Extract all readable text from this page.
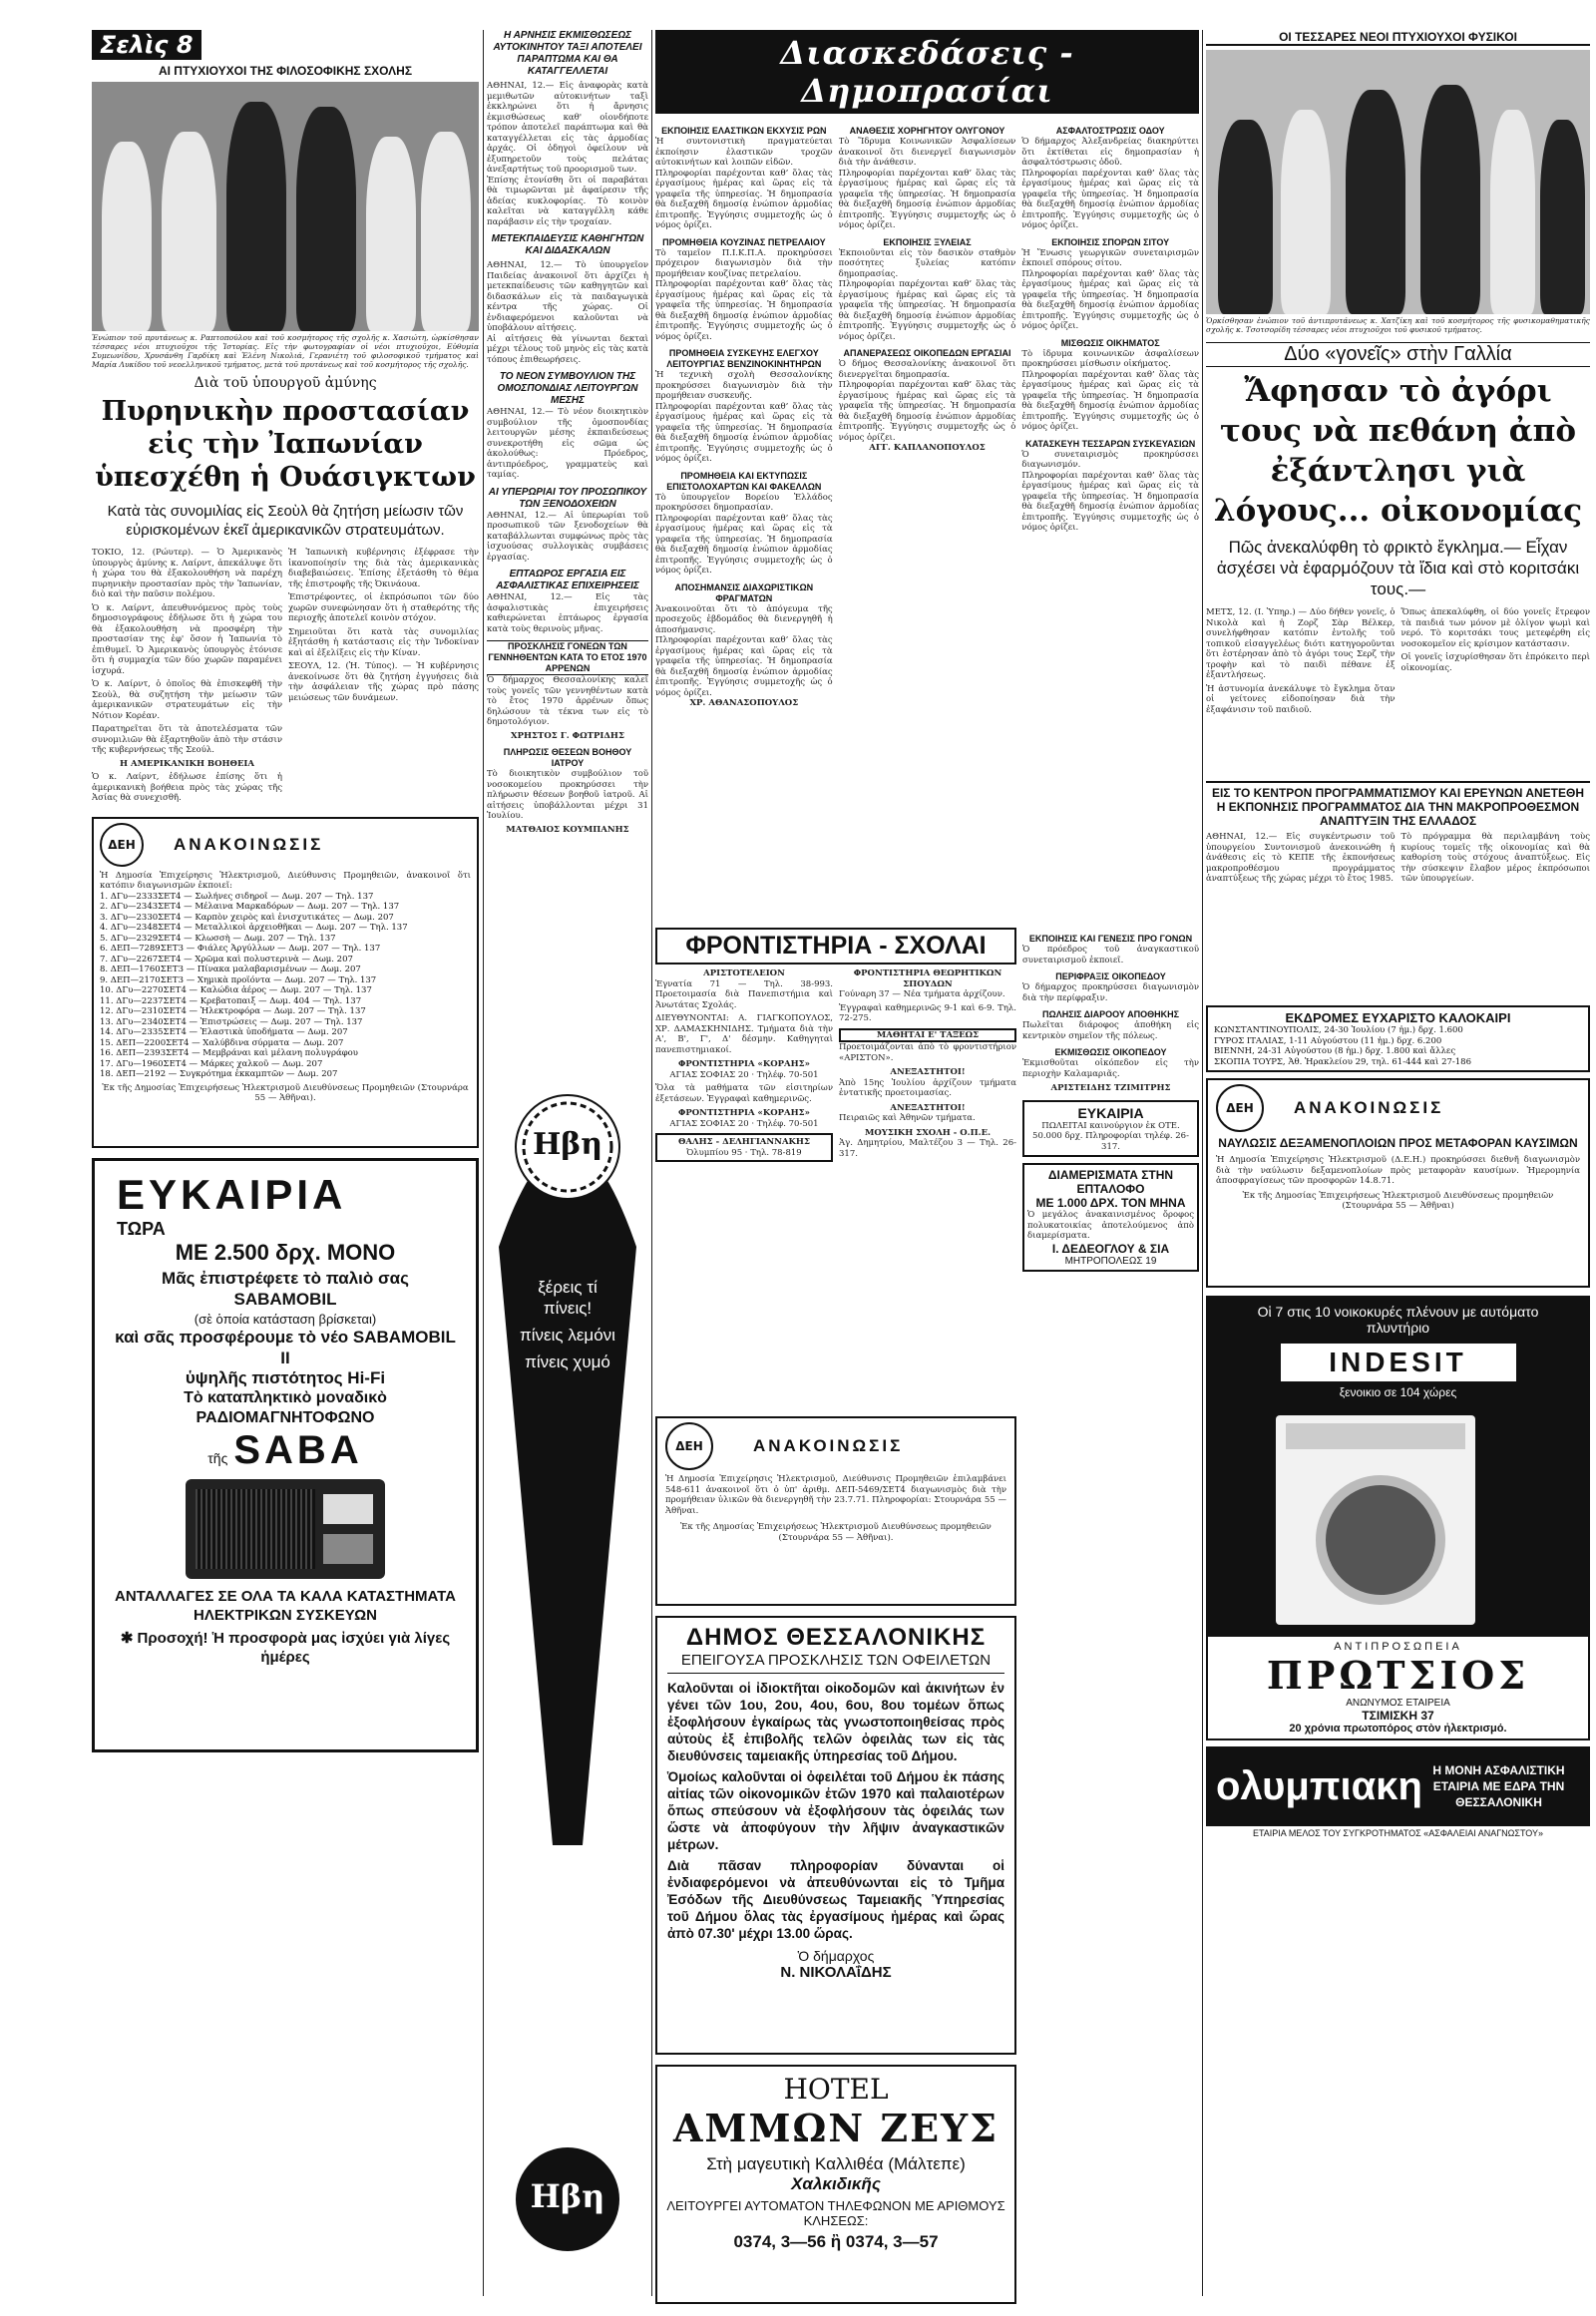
Σελὶς 8
ΑΙ ΠΤΥΧΙΟΥΧΟΙ ΤΗΣ ΦΙΛΟΣΟΦΙΚΗΣ ΣΧΟΛΗΣ
Ἐνώπιον τοῦ πρυτάνεως κ. Ραπτοπούλου καὶ τοῦ κοσμήτορος τῆς σχολῆς κ. Χασιώτη, ὡρκίσθησαν τέσσαρες νέοι πτυχιοῦχοι τῆς Ἱστορίας. Εἰς τὴν φωτογραφίαν οἱ νέοι πτυχιοῦχοι, Εὐθυμία Συμεωνίδου, Χρυσάνθη Γαρδίκη καὶ Ἑλένη Νικολιά, Γερανιέτη τοῦ φιλοσοφικοῦ τμήματος καὶ Μαρία Λυκίδου τοῦ νεοελληνικοῦ τμήματος, μετὰ τοῦ πρυτάνεως καὶ τοῦ κοσμήτορος τῆς σχολῆς.
Διὰ τοῦ ὑπουργοῦ ἀμύνης
Πυρηνικὴν προστασίαν εἰς τὴν Ἰαπωνίαν ὑπεσχέθη ἡ Ουάσιγκτων
Κατὰ τὰς συνομιλίας εἰς Σεοὺλ θὰ ζητήση μείωσιν τῶν εὐρισκομένων ἐκεῖ ἀμερικανικῶν στρατευμάτων.

ΤΟΚΙΟ, 12. (Ρώυτερ). — Ὁ Ἀμερικανὸς ὑπουργὸς ἀμύνης κ. Λαίρντ, ἀπεκάλυψε ὅτι ἡ χώρα του θὰ ἐξακολουθήση νὰ παρέχη πυρηνικὴν προστασίαν πρὸς τὴν Ἰαπωνίαν, διὸ καὶ τὴν παῦσιν πολέμου.

Ὁ κ. Λαίρντ, ἀπευθυνόμενος πρὸς τοὺς δημοσιογράφους ἐδήλωσε ὅτι ἡ χώρα του θὰ ἐξακολουθήση νὰ προσφέρη τὴν προστασίαν της ἐφ' ὅσον ἡ Ἰαπωνία τὸ ἐπιθυμεῖ. Ὁ Ἀμερικανὸς ὑπουργὸς ἐτόνισε ὅτι ἡ συμμαχία τῶν δύο χωρῶν παραμένει ἰσχυρά.

Ὁ κ. Λαίρντ, ὁ ὁποῖος θὰ ἐπισκεφθῆ τὴν Σεοὺλ, θὰ συζητήση τὴν μείωσιν τῶν ἀμερικανικῶν στρατευμάτων εἰς τὴν Νότιον Κορέαν.

Παρατηρεῖται ὅτι τὰ ἀποτελέσματα τῶν συνομιλιῶν θὰ ἐξαρτηθοῦν ἀπὸ τὴν στάσιν τῆς κυβερνήσεως τῆς Σεούλ.

Η ΑΜΕΡΙΚΑΝΙΚΗ ΒΟΗΘΕΙΑ

Ὁ κ. Λαίρντ, ἐδήλωσε ἐπίσης ὅτι ἡ ἀμερικανικὴ βοήθεια πρὸς τὰς χώρας τῆς Ἀσίας θὰ συνεχισθῆ.

Ἡ Ἰαπωνικὴ κυβέρνησις ἐξέφρασε τὴν ἱκανοποίησίν της διὰ τὰς ἀμερικανικὰς διαβεβαιώσεις. Ἐπίσης ἐξετάσθη τὸ θέμα τῆς ἐπιστροφῆς τῆς Ὀκινάουα.

Ἐπιστρέφοντες, οἱ ἐκπρόσωποι τῶν δύο χωρῶν συνεφώνησαν ὅτι ἡ σταθερότης τῆς περιοχῆς ἀποτελεῖ κοινὸν στόχον.

Σημειοῦται ὅτι κατὰ τὰς συνομιλίας ἐξητάσθη ἡ κατάστασις εἰς τὴν Ἰνδοκίναν καὶ αἱ ἐξελίξεις εἰς τὴν Κίναν.

ΣΕΟΥΛ, 12. (Ἡ. Τύπος). — Ἡ κυβέρνησις ἀνεκοίνωσε ὅτι θὰ ζητήση ἐγγυήσεις διὰ τὴν ἀσφάλειαν τῆς χώρας πρὸ πάσης μειώσεως τῶν δυνάμεων.

ΔΕΗ	ΑΝΑΚΟΙΝΩΣΙΣ
Ἡ Δημοσία Ἐπιχείρησις Ἡλεκτρισμοῦ, Διεύθυνσις Προμηθειῶν, ἀνακοινοῖ ὅτι κατόπιν διαγωνισμῶν ἐκποιεῖ:
1. ΔΓυ—2333ΣΕΤ4 — Σωλήνες σιδηροῖ — Δωμ. 207 — Τηλ. 137
2. ΔΓυ—2343ΣΕΤ4 — Μέλαινα Μαρκαδόρων — Δωμ. 207 — Τηλ. 137
3. ΔΓυ—2330ΣΕΤ4 — Καρπὸν χειρὸς καὶ ἐνισχυτικάτες — Δωμ. 207
4. ΔΓυ—2348ΣΕΤ4 — Μεταλλικοὶ ἀρχειοθῆκαι — Δωμ. 207 — Τηλ. 137
5. ΔΓυ—2329ΣΕΤ4 — Κλωσσὴ — Δωμ. 207 — Τηλ. 137
6. ΔΕΠ—7289ΣΕΤ3 — Φιάλες Ἀργύλλων — Δωμ. 207 — Τηλ. 137
7. ΔΓυ—2267ΣΕΤ4 — Χρῶμα καὶ πολυστερινὰ — Δωμ. 207
8. ΔΕΠ—1760ΣΕΤ3 — Πίνακα μαλαβαρισμένων — Δωμ. 207
9. ΔΕΠ—2170ΣΕΤ3 — Χημικὰ προϊόντα — Δωμ. 207 — Τηλ. 137
10. ΔΓυ—2270ΣΕΤ4 — Καλώδια ἀέρος — Δωμ. 207 — Τηλ. 137
11. ΔΓυ—2237ΣΕΤ4 — Κρεβατοπαιξ — Δωμ. 404 — Τηλ. 137
12. ΔΓυ—2310ΣΕΤ4 — Ἠλεκτροφόρα — Δωμ. 207 — Τηλ. 137
13. ΔΓυ—2340ΣΕΤ4 — Ἐπιστρώσεις — Δωμ. 207 — Τηλ. 137
14. ΔΓυ—2335ΣΕΤ4 — Ἐλαστικὰ ὑποδήματα — Δωμ. 207
15. ΔΕΠ—2200ΣΕΤ4 — Χαλύβδινα σύρματα — Δωμ. 207
16. ΔΕΠ—2393ΣΕΤ4 — Μεμβράναι καὶ μέλανη πολυγράφου
17. ΔΓυ—1960ΣΕΤ4 — Μάρκες χαλκοῦ — Δωμ. 207
18. ΔΕΠ—2192 — Συγκρότημα ἐκκαμπτῶν — Δωμ. 207
Ἐκ τῆς Δημοσίας Ἐπιχειρήσεως Ἡλεκτρισμοῦ Διευθύνσεως Προμηθειῶν (Στουρνάρα 55 — Ἀθῆναι).
ΕΥΚΑΙΡΙΑ
ΤΩΡΑ
ΜΕ 2.500 δρχ. ΜΟΝΟ
Μᾶς ἐπιστρέφετε τὸ παλιὸ σας SABAMOBIL
(σὲ ὁποία κατάσταση βρίσκεται)
καὶ σᾶς προσφέρουμε τὸ νέο SABAMOBIL II
ὑψηλῆς πιστότητος Hi-Fi
Τὸ καταπληκτικὸ μοναδικὸ ΡΑΔΙΟΜΑΓΝΗΤΟΦΩΝΟ
τῆς SABA
ΑΝΤΑΛΛΑΓΕΣ ΣΕ ΟΛΑ ΤΑ ΚΑΛΑ ΚΑΤΑΣΤΗΜΑΤΑ ΗΛΕΚΤΡΙΚΩΝ ΣΥΣΚΕΥΩΝ
✱ Προσοχή! Ἡ προσφορὰ μας ἰσχύει γιὰ λίγες ἡμέρες
Η ΑΡΝΗΣΙΣ ΕΚΜΙΣΘΩΣΕΩΣ ΑΥΤΟΚΙΝΗΤΟΥ ΤΑΞΙ ΑΠΟΤΕΛΕΙ ΠΑΡΑΠΤΩΜΑ ΚΑΙ ΘΑ ΚΑΤΑΓΓΕΛΛΕΤΑΙ
ΑΘΗΝΑΙ, 12.— Εἰς ἀναφορὰς κατὰ μεμιθωτῶν αὐτοκινήτων ταξὶ ἐκκληρώνει ὅτι ἡ ἄρνησις ἐκμισθώσεως καθ' οἱονδήποτε τρόπον ἀποτελεῖ παράπτωμα καὶ θὰ καταγγέλλεται εἰς τὰς ἀρμοδίας ἀρχάς. Οἱ ὁδηγοὶ ὀφείλουν νὰ ἐξυπηρετοῦν τοὺς πελάτας ἀνεξαρτήτως τοῦ προορισμοῦ των.

Ἐπίσης ἐτονίσθη ὅτι οἱ παραβάται θὰ τιμωρῶνται μὲ ἀφαίρεσιν τῆς ἀδείας κυκλοφορίας. Τὸ κοινὸν καλεῖται νὰ καταγγέλλη κάθε παράβασιν εἰς τὴν τροχαίαν.

ΜΕΤΕΚΠΑΙΔΕΥΣΙΣ ΚΑΘΗΓΗΤΩΝ ΚΑΙ ΔΙΔΑΣΚΑΛΩΝ
ΑΘΗΝΑΙ, 12.— Τὸ ὑπουργεῖον Παιδείας ἀνακοινοῖ ὅτι ἀρχίζει ἡ μετεκπαίδευσις τῶν καθηγητῶν καὶ διδασκάλων εἰς τὰ παιδαγωγικὰ κέντρα τῆς χώρας. Οἱ ἐνδιαφερόμενοι καλοῦνται νὰ ὑποβάλουν αἰτήσεις.

Αἱ αἰτήσεις θὰ γίνωνται δεκταὶ μέχρι τέλους τοῦ μηνὸς εἰς τὰς κατὰ τόπους ἐπιθεωρήσεις.

ΤΟ ΝΕΟΝ ΣΥΜΒΟΥΛΙΟΝ ΤΗΣ ΟΜΟΣΠΟΝΔΙΑΣ ΛΕΙΤΟΥΡΓΩΝ ΜΕΣΗΣ

ΑΘΗΝΑΙ, 12.— Τὸ νέον διοικητικὸν συμβούλιον τῆς ὁμοσπονδίας λειτουργῶν μέσης ἐκπαιδεύσεως συνεκροτήθη εἰς σῶμα ὡς ἀκολούθως: Πρόεδρος, ἀντιπρόεδρος, γραμματεὺς καὶ ταμίας.

ΑΙ ΥΠΕΡΩΡΙΑΙ ΤΟΥ ΠΡΟΣΩΠΙΚΟΥ ΤΩΝ ΞΕΝΟΔΟΧΕΙΩΝ

ΑΘΗΝΑΙ, 12.— Αἱ ὑπερωρίαι τοῦ προσωπικοῦ τῶν ξενοδοχείων θὰ καταβάλλωνται συμφώνως πρὸς τὰς ἰσχυούσας συλλογικὰς συμβάσεις ἐργασίας.

ΕΠΤΑΩΡΟΣ ΕΡΓΑΣΙΑ ΕΙΣ ΑΣΦΑΛΙΣΤΙΚΑΣ ΕΠΙΧΕΙΡΗΣΕΙΣ

ΑΘΗΝΑΙ, 12.— Εἰς τὰς ἀσφαλιστικὰς ἐπιχειρήσεις καθιερώνεται ἑπτάωρος ἐργασία κατὰ τοὺς θερινοὺς μῆνας.

ΠΡΟΣΚΛΗΣΙΣ ΓΟΝΕΩΝ ΤΩΝ ΓΕΝΝΗΘΕΝΤΩΝ ΚΑΤΑ ΤΟ ΕΤΟΣ 1970 ΑΡΡΕΝΩΝ

Ὁ δήμαρχος Θεσσαλονίκης καλεῖ τοὺς γονεῖς τῶν γεννηθέντων κατὰ τὸ ἔτος 1970 ἀρρένων ὅπως δηλώσουν τὰ τέκνα των εἰς τὸ δημοτολόγιον.

ΧΡΗΣΤΟΣ Γ. ΦΩΤΡΙΔΗΣ
ΠΛΗΡΩΣΙΣ ΘΕΣΕΩΝ ΒΟΗΘΟΥ ΙΑΤΡΟΥ

Τὸ διοικητικὸν συμβούλιον τοῦ νοσοκομείου προκηρύσσει τὴν πλήρωσιν θέσεων βοηθοῦ ἰατροῦ. Αἱ αἰτήσεις ὑποβάλλονται μέχρι 31 Ἰουλίου.

ΜΑΤΘΑΙΟΣ ΚΟΥΜΠΑΝΗΣ
Ηβη
ξέρεις τί πίνεις!
πίνεις λεμόνι
πίνεις χυμό
Ηβη
Διασκεδάσεις - Δημοπρασίαι
ΕΚΠΟΙΗΣΙΣ ΕΛΑΣΤΙΚΩΝ ΕΚΧΥΣΙΣ ΡΩΝ
Ἡ συντονιστικὴ πραγματεύεται ἐκποίησιν ἐλαστικῶν τροχῶν αὐτοκινήτων καὶ λοιπῶν εἰδῶν.
Πληροφορίαι παρέχονται καθ’ ὅλας τὰς ἐργασίμους ἡμέρας καὶ ὥρας εἰς τὰ γραφεῖα τῆς ὑπηρεσίας. Ἡ δημοπρασία θὰ διεξαχθῆ δημοσίᾳ ἐνώπιον ἁρμοδίας ἐπιτροπῆς. Ἐγγύησις συμμετοχῆς ὡς ὁ νόμος ὁρίζει.
ΠΡΟΜΗΘΕΙΑ ΚΟΥΖΙΝΑΣ ΠΕΤΡΕΛΑΙΟΥ
Τὸ ταμεῖον Π.Ι.Κ.Π.Α. προκηρύσσει πρόχειρον διαγωνισμὸν διὰ τὴν προμήθειαν κουζίνας πετρελαίου.
Πληροφορίαι παρέχονται καθ’ ὅλας τὰς ἐργασίμους ἡμέρας καὶ ὥρας εἰς τὰ γραφεῖα τῆς ὑπηρεσίας. Ἡ δημοπρασία θὰ διεξαχθῆ δημοσίᾳ ἐνώπιον ἁρμοδίας ἐπιτροπῆς. Ἐγγύησις συμμετοχῆς ὡς ὁ νόμος ὁρίζει.
ΠΡΟΜΗΘΕΙΑ ΣΥΣΚΕΥΗΣ ΕΛΕΓΧΟΥ ΛΕΙΤΟΥΡΓΙΑΣ ΒΕΝΖΙΝΟΚΙΝΗΤΗΡΩΝ
Ἡ τεχνικὴ σχολὴ Θεσσαλονίκης προκηρύσσει διαγωνισμὸν διὰ τὴν προμήθειαν συσκευῆς.
Πληροφορίαι παρέχονται καθ’ ὅλας τὰς ἐργασίμους ἡμέρας καὶ ὥρας εἰς τὰ γραφεῖα τῆς ὑπηρεσίας. Ἡ δημοπρασία θὰ διεξαχθῆ δημοσίᾳ ἐνώπιον ἁρμοδίας ἐπιτροπῆς. Ἐγγύησις συμμετοχῆς ὡς ὁ νόμος ὁρίζει.
ΠΡΟΜΗΘΕΙΑ ΚΑΙ ΕΚΤΥΠΩΣΙΣ ΕΠΙΣΤΟΛΟΧΑΡΤΩΝ ΚΑΙ ΦΑΚΕΛΛΩΝ
Τὸ ὑπουργεῖον Βορείου Ἑλλάδος προκηρύσσει δημοπρασίαν.
Πληροφορίαι παρέχονται καθ’ ὅλας τὰς ἐργασίμους ἡμέρας καὶ ὥρας εἰς τὰ γραφεῖα τῆς ὑπηρεσίας. Ἡ δημοπρασία θὰ διεξαχθῆ δημοσίᾳ ἐνώπιον ἁρμοδίας ἐπιτροπῆς. Ἐγγύησις συμμετοχῆς ὡς ὁ νόμος ὁρίζει.
ΑΠΟΣΗΜΑΝΣΙΣ ΔΙΑΧΩΡΙΣΤΙΚΩΝ ΦΡΑΓΜΑΤΩΝ
Ἀνακοινοῦται ὅτι τὸ ἀπόγευμα τῆς προσεχοῦς ἐβδομάδος θὰ διενεργηθῆ ἡ ἀποσήμανσις.
Πληροφορίαι παρέχονται καθ’ ὅλας τὰς ἐργασίμους ἡμέρας καὶ ὥρας εἰς τὰ γραφεῖα τῆς ὑπηρεσίας. Ἡ δημοπρασία θὰ διεξαχθῆ δημοσίᾳ ἐνώπιον ἁρμοδίας ἐπιτροπῆς. Ἐγγύησις συμμετοχῆς ὡς ὁ νόμος ὁρίζει.
ΧΡ. ΑΘΑΝΑΣΟΠΟΥΛΟΣ
ΑΝΑΘΕΣΙΣ ΧΟΡΗΓΗΤΟΥ ΟΛΥΓΟΝΟΥ
Τὸ Ἵδρυμα Κοινωνικῶν Ἀσφαλίσεων ἀνακοινοῖ ὅτι διενεργεῖ διαγωνισμὸν διὰ τὴν ἀνάθεσιν.
Πληροφορίαι παρέχονται καθ’ ὅλας τὰς ἐργασίμους ἡμέρας καὶ ὥρας εἰς τὰ γραφεῖα τῆς ὑπηρεσίας. Ἡ δημοπρασία θὰ διεξαχθῆ δημοσίᾳ ἐνώπιον ἁρμοδίας ἐπιτροπῆς. Ἐγγύησις συμμετοχῆς ὡς ὁ νόμος ὁρίζει.
ΕΚΠΟΙΗΣΙΣ ΞΥΛΕΙΑΣ
Ἐκποιοῦνται εἰς τὸν δασικὸν σταθμὸν ποσότητες ξυλείας κατόπιν δημοπρασίας.
Πληροφορίαι παρέχονται καθ’ ὅλας τὰς ἐργασίμους ἡμέρας καὶ ὥρας εἰς τὰ γραφεῖα τῆς ὑπηρεσίας. Ἡ δημοπρασία θὰ διεξαχθῆ δημοσίᾳ ἐνώπιον ἁρμοδίας ἐπιτροπῆς. Ἐγγύησις συμμετοχῆς ὡς ὁ νόμος ὁρίζει.
ΑΠΑΝΕΡΑΣΕΩΣ ΟΙΚΟΠΕΔΩΝ ΕΡΓΑΣΙΑΙ
Ὁ δήμος Θεσσαλονίκης ἀνακοινοῖ ὅτι διενεργεῖται δημοπρασία.
Πληροφορίαι παρέχονται καθ’ ὅλας τὰς ἐργασίμους ἡμέρας καὶ ὥρας εἰς τὰ γραφεῖα τῆς ὑπηρεσίας. Ἡ δημοπρασία θὰ διεξαχθῆ δημοσίᾳ ἐνώπιον ἁρμοδίας ἐπιτροπῆς. Ἐγγύησις συμμετοχῆς ὡς ὁ νόμος ὁρίζει.
ΑΓΓ. ΚΑΠΛΑΝΟΠΟΥΛΟΣ
ΑΣΦΑΛΤΟΣΤΡΩΣΙΣ ΟΔΟΥ
Ὁ δήμαρχος Ἀλεξανδρείας διακηρύττει ὅτι ἐκτίθεται εἰς δημοπρασίαν ἡ ἀσφαλτόστρωσις ὁδοῦ.
Πληροφορίαι παρέχονται καθ’ ὅλας τὰς ἐργασίμους ἡμέρας καὶ ὥρας εἰς τὰ γραφεῖα τῆς ὑπηρεσίας. Ἡ δημοπρασία θὰ διεξαχθῆ δημοσίᾳ ἐνώπιον ἁρμοδίας ἐπιτροπῆς. Ἐγγύησις συμμετοχῆς ὡς ὁ νόμος ὁρίζει.
ΕΚΠΟΙΗΣΙΣ ΣΠΟΡΩΝ ΣΙΤΟΥ
Ἡ Ἕνωσις γεωργικῶν συνεταιρισμῶν ἐκποιεῖ σπόρους σίτου.
Πληροφορίαι παρέχονται καθ’ ὅλας τὰς ἐργασίμους ἡμέρας καὶ ὥρας εἰς τὰ γραφεῖα τῆς ὑπηρεσίας. Ἡ δημοπρασία θὰ διεξαχθῆ δημοσίᾳ ἐνώπιον ἁρμοδίας ἐπιτροπῆς. Ἐγγύησις συμμετοχῆς ὡς ὁ νόμος ὁρίζει.
ΜΙΣΘΩΣΙΣ ΟΙΚΗΜΑΤΟΣ
Τὸ ἱδρυμα κοινωνικῶν ἀσφαλίσεων προκηρύσσει μίσθωσιν οἰκήματος.
Πληροφορίαι παρέχονται καθ’ ὅλας τὰς ἐργασίμους ἡμέρας καὶ ὥρας εἰς τὰ γραφεῖα τῆς ὑπηρεσίας. Ἡ δημοπρασία θὰ διεξαχθῆ δημοσίᾳ ἐνώπιον ἁρμοδίας ἐπιτροπῆς. Ἐγγύησις συμμετοχῆς ὡς ὁ νόμος ὁρίζει.
ΚΑΤΑΣΚΕΥΗ ΤΕΣΣΑΡΩΝ ΣΥΣΚΕΥΑΣΙΩΝ
Ὁ συνεταιρισμὸς προκηρύσσει διαγωνισμόν.
Πληροφορίαι παρέχονται καθ’ ὅλας τὰς ἐργασίμους ἡμέρας καὶ ὥρας εἰς τὰ γραφεῖα τῆς ὑπηρεσίας. Ἡ δημοπρασία θὰ διεξαχθῆ δημοσίᾳ ἐνώπιον ἁρμοδίας ἐπιτροπῆς. Ἐγγύησις συμμετοχῆς ὡς ὁ νόμος ὁρίζει.
ΦΡΟΝΤΙΣΤΗΡΙΑ - ΣΧΟΛΑΙ
ΑΡΙΣΤΟΤΕΛΕΙΟΝ

Ἐγνατία 71 — Τηλ. 38-993. Προετοιμασία διὰ Πανεπιστήμια καὶ Ἀνωτάτας Σχολάς.

ΔΙΕΥΘΥΝΟΝΤΑΙ: Α. ΓΙΑΓΚΟΠΟΥΛΟΣ, ΧΡ. ΔΑΜΑΣΚΗΝΙΔΗΣ. Τμήματα διὰ τὴν Α', Β', Γ', Δ' δέσμην. Καθηγηταὶ πανεπιστημιακοί.

ΦΡΟΝΤΙΣΤΗΡΙΑ «ΚΟΡΑΗΣ»

ΑΓΙΑΣ ΣΟΦΙΑΣ 20 · Τηλέφ. 70-501

Ὅλα τὰ μαθήματα τῶν εἰσιτηρίων ἐξετάσεων. Ἐγγραφαὶ καθημερινῶς.

ΦΡΟΝΤΙΣΤΗΡΙΑ «ΚΟΡΑΗΣ»

ΑΓΙΑΣ ΣΟΦΙΑΣ 20 · Τηλέφ. 70-501

ΘΑΛΗΣ - ΔΕΛΗΓΙΑΝΝΑΚΗΣ
Ὀλυμπίου 95 · Τηλ. 78-819
ΦΡΟΝΤΙΣΤΗΡΙΑ ΘΕΩΡΗΤΙΚΩΝ ΣΠΟΥΔΩΝ

Γούναρη 37 — Νέα τμήματα ἀρχίζουν.

Ἐγγραφαὶ καθημερινῶς 9-1 καὶ 6-9. Τηλ. 72-275.

ΜΑΘΗΤΑΙ Ε' ΤΑΞΕΩΣ

Προετοιμάζονται ἀπὸ τὸ φροντιστήριον «ΑΡΙΣΤΟΝ».

ΑΝΕΞΑΣΤΗΤΟΙ!

Ἀπὸ 15ης Ἰουλίου ἀρχίζουν τμήματα ἐντατικῆς προετοιμασίας.

ΑΝΕΞΑΣΤΗΤΟΙ!

Πειραιῶς καὶ Ἀθηνῶν τμήματα.

ΜΟΥΣΙΚΗ ΣΧΟΛΗ - Ο.Π.Ε.

Ἀγ. Δημητρίου, Μαλτέζου 3 — Τηλ. 26-317.

ΔΕΗ	ΑΝΑΚΟΙΝΩΣΙΣ
Ἡ Δημοσία Ἐπιχείρησις Ἡλεκτρισμοῦ, Διεύθυνσις Προμηθειῶν ἐπιλαμβάνει 548-611 ἀνακοινοῖ ὅτι ὁ ὑπ' ἀριθμ. ΔΕΠ-5469/ΣΕΤ4 διαγωνισμὸς διὰ τὴν προμήθειαν ὑλικῶν θὰ διενεργηθῆ τὴν 23.7.71. Πληροφορίαι: Στουρνάρα 55 — Ἀθῆναι.
Ἐκ τῆς Δημοσίας Ἐπιχειρήσεως Ἡλεκτρισμοῦ Διευθύνσεως προμηθειῶν (Στουρνάρα 55 — Ἀθῆναι).
ΔΗΜΟΣ ΘΕΣΣΑΛΟΝΙΚΗΣ
ΕΠΕΙΓΟΥΣΑ ΠΡΟΣΚΛΗΣΙΣ ΤΩΝ ΟΦΕΙΛΕΤΩΝ
Καλοῦνται οἱ ἰδιοκτῆται οἰκοδομῶν καὶ ἀκινήτων ἐν γένει τῶν 1ου, 2ου, 4ου, 6ου, 8ου τομέων ὅπως ἐξοφλήσουν ἐγκαίρως τὰς γνωστοποιηθείσας πρὸς αὐτοὺς ἐξ ἐπιβολῆς τελῶν ὀφειλὰς των εἰς τὰς διευθύνσεις ταμειακῆς ὑπηρεσίας τοῦ Δήμου.
Ὁμοίως καλοῦνται οἱ ὀφειλέται τοῦ Δήμου ἐκ πάσης αἰτίας τῶν οἰκονομικῶν ἐτῶν 1970 καὶ παλαιοτέρων ὅπως σπεύσουν νὰ ἐξοφλήσουν τὰς ὀφειλάς των ὥστε νὰ ἀποφύγουν τὴν λῆψιν ἀναγκαστικῶν μέτρων.
Διὰ πᾶσαν πληροφορίαν δύνανται οἱ ἐνδιαφερόμενοι νὰ ἀπευθύνωνται εἰς τὸ Τμῆμα Ἐσόδων τῆς Διευθύνσεως Ταμειακῆς Ὑπηρεσίας τοῦ Δήμου ὅλας τὰς ἐργασίμους ἡμέρας καὶ ὥρας ἀπὸ 07.30' μέχρι 13.00 ὥρας.
Ὁ δήμαρχος
Ν. ΝΙΚΟΛΑΐΔΗΣ
HOTEL
ΑΜΜΩΝ ΖΕΥΣ
Στὴ μαγευτικὴ Καλλιθέα (Μάλτεπε)
Χαλκιδικῆς
ΛΕΙΤΟΥΡΓΕΙ ΑΥΤΟΜΑΤΟΝ ΤΗΛΕΦΩΝΟΝ ΜΕ ΑΡΙΘΜΟΥΣ ΚΛΗΣΕΩΣ:
0374, 3—56 ἢ 0374, 3—57
ΕΚΠΟΙΗΣΙΣ ΚΑΙ ΓΕΝΕΣΙΣ ΠΡΟ ΓΟΝΩΝ
Ὁ πρόεδρος τοῦ ἀναγκαστικοῦ συνεταιρισμοῦ ἐκποιεῖ.
ΠΕΡΙΦΡΑΞΙΣ ΟΙΚΟΠΕΔΟΥ
Ὁ δήμαρχος προκηρύσσει διαγωνισμὸν διὰ τὴν περίφραξιν.
ΠΩΛΗΣΙΣ ΔΙΑΡΟΟΥ ΑΠΟΘΗΚΗΣ
Πωλεῖται διάροφος ἀποθήκη εἰς κεντρικὸν σημεῖον τῆς πόλεως.
ΕΚΜΙΣΘΩΣΙΣ ΟΙΚΟΠΕΔΟΥ
Ἐκμισθοῦται οἰκόπεδον εἰς τὴν περιοχὴν Καλαμαριᾶς.
ΑΡΙΣΤΕΙΔΗΣ ΤΖΙΜΙΤΡΗΣ
ΕΥΚΑΙΡΙΑ
ΠΩΛΕΙΤΑΙ καινούργιον ἐκ ΟΤΕ. 50.000 δρχ. Πληροφορίαι τηλέφ. 26-317.
ΔΙΑΜΕΡΙΣΜΑΤΑ ΣΤΗΝ ΕΠΤΑΛΟΦΟ
ΜΕ 1.000 ΔΡΧ. ΤΟΝ ΜΗΝΑ
Ὁ μεγάλος ἀνακαινισμένος ὄροφος πολυκατοικίας ἀποτελούμενος ἀπὸ διαμερίσματα.
Ι. ΔΕΔΕΟΓΛΟΥ & ΣΙΑ
ΜΗΤΡΟΠΟΛΕΩΣ 19
ΟΙ ΤΕΣΣΑΡΕΣ ΝΕΟΙ ΠΤΥΧΙΟΥΧΟΙ ΦΥΣΙΚΟΙ
Ὁρκίσθησαν ἐνώπιον τοῦ ἀντιπρυτάνεως κ. Χατζίκη καὶ τοῦ κοσμήτορος τῆς φυσικομαθηματικῆς σχολῆς κ. Τσοτσορίδη τέσσαρες νέοι πτυχιοῦχοι τοῦ φυσικοῦ τμήματος.
Δύο «γονεῖς» στὴν Γαλλία
Ἄφησαν τὸ ἀγόρι τους νὰ πεθάνη ἀπὸ ἐξάντλησι γιὰ λόγους... οἰκονομίας
Πῶς ἀνεκαλύφθη τὸ φρικτὸ ἔγκλημα.— Εἶχαν ἀσχέσει νὰ ἐφαρμόζουν τὰ ἴδια καὶ στὸ κοριτσάκι τους.—

ΜΕΤΣ, 12. (Ι. Ὑπηρ.) — Δύο δήθεν γονεῖς, ὁ Νικολὰ καὶ ἡ Ζορζ Σὰρ Βέλκερ, συνελήφθησαν κατόπιν ἐντολῆς τοῦ τοπικοῦ εἰσαγγελέως διότι κατηγοροῦνται ὅτι ἐστέρησαν ἀπὸ τὸ ἀγόρι τους Σερζ τὴν τροφὴν καὶ τὸ παιδὶ πέθανε ἐξ ἐξαντλήσεως.

Ἡ ἀστυνομία ἀνεκάλυψε τὸ ἔγκλημα ὅταν οἱ γείτονες εἰδοποίησαν διὰ τὴν ἐξαφάνισιν τοῦ παιδιοῦ.

Ὅπως ἀπεκαλύφθη, οἱ δύο γονεῖς ἔτρεφον τὰ παιδιά των μόνον μὲ ὀλίγον ψωμὶ καὶ νερό. Τὸ κοριτσάκι τους μετεφέρθη εἰς νοσοκομεῖον εἰς κρίσιμον κατάστασιν.

Οἱ γονεῖς ἰσχυρίσθησαν ὅτι ἐπρόκειτο περὶ οἰκονομίας.

ΕΙΣ ΤΟ ΚΕΝΤΡΟΝ ΠΡΟΓΡΑΜΜΑΤΙΣΜΟΥ ΚΑΙ ΕΡΕΥΝΩΝ ΑΝΕΤΕΘΗ Η ΕΚΠΟΝΗΣΙΣ ΠΡΟΓΡΑΜΜΑΤΟΣ ΔΙΑ ΤΗΝ ΜΑΚΡΟΠΡΟΘΕΣΜΟΝ ΑΝΑΠΤΥΞΙΝ ΤΗΣ ΕΛΛΑΔΟΣ
ΑΘΗΝΑΙ, 12.— Εἰς συγκέντρωσιν τοῦ ὑπουργείου Συντονισμοῦ ἀνεκοινώθη ἡ ἀνάθεσις εἰς τὸ ΚΕΠΕ τῆς ἐκπονήσεως μακροπροθέσμου προγράμματος ἀναπτύξεως τῆς χώρας μέχρι τὸ ἔτος 1985.

Τὸ πρόγραμμα θὰ περιλαμβάνη τοὺς κυρίους τομεῖς τῆς οἰκονομίας καὶ θὰ καθορίση τοὺς στόχους ἀναπτύξεως. Εἰς τὴν σύσκεψιν ἔλαβον μέρος ἐκπρόσωποι τῶν ὑπουργείων.

ΕΚΔΡΟΜΕΣ ΕΥΧΑΡΙΣΤΟ ΚΑΛΟΚΑΙΡΙ
ΚΩΝΣΤΑΝΤΙΝΟΥΠΟΛΙΣ, 24-30 Ἰουλίου (7 ἡμ.) δρχ. 1.600
ΓΥΡΟΣ ΙΤΑΛΙΑΣ, 1-11 Αὐγούστου (11 ἡμ.) δρχ. 6.200
ΒΙΕΝΝΗ, 24-31 Αὐγούστου (8 ἡμ.) δρχ. 1.800 καὶ ἄλλες
ΣΚΟΠΙΑ ΤΟΥΡΣ, Ἀθ. Ἡρακλείου 29, τηλ. 61-444 καὶ 27-186
ΔΕΗ	ΑΝΑΚΟΙΝΩΣΙΣ
ΝΑΥΛΩΣΙΣ ΔΕΞΑΜΕΝΟΠΛΟΙΩΝ ΠΡΟΣ ΜΕΤΑΦΟΡΑΝ ΚΑΥΣΙΜΩΝ
Ἡ Δημοσία Ἐπιχείρησις Ἡλεκτρισμοῦ (Δ.Ε.Η.) προκηρύσσει διεθνῆ διαγωνισμὸν διὰ τὴν ναύλωσιν δεξαμενοπλοίων πρὸς μεταφορὰν καυσίμων. Ἡμερομηνία ἀποσφραγίσεως τῶν προσφορῶν 14.8.71.
Ἐκ τῆς Δημοσίας Ἐπιχειρήσεως Ἡλεκτρισμοῦ Διευθύνσεως προμηθειῶν (Στουρνάρα 55 — Ἀθῆναι)
Οἱ 7 στις 10 νοικοκυρές πλένουν με αυτόματο πλυντήριο
INDESIT
ξενοικιο σε 104 χώρες
ΑΝΤΙΠΡΟΣΩΠΕΙΑ
ΠΡΩΤΣΙΟΣ
ΑΝΩΝΥΜΟΣ ΕΤΑΙΡΕΙΑ
ΤΣΙΜΙΣΚΗ 37
20 χρόνια πρωτοπόρος στὸν ἠλεκτρισμό.
ολυμπιακη Η ΜΟΝΗ ΑΣΦΑΛΙΣΤΙΚΗ ΕΤΑΙΡΙΑ ΜΕ ΕΔΡΑ ΤΗΝ ΘΕΣΣΑΛΟΝΙΚΗ
ΕΤΑΙΡΙΑ ΜΕΛΟΣ ΤΟΥ ΣΥΓΚΡΟΤΗΜΑΤΟΣ «ΑΣΦΑΛΕΙΑΙ ΑΝΑΓΝΩΣΤΟΥ»
